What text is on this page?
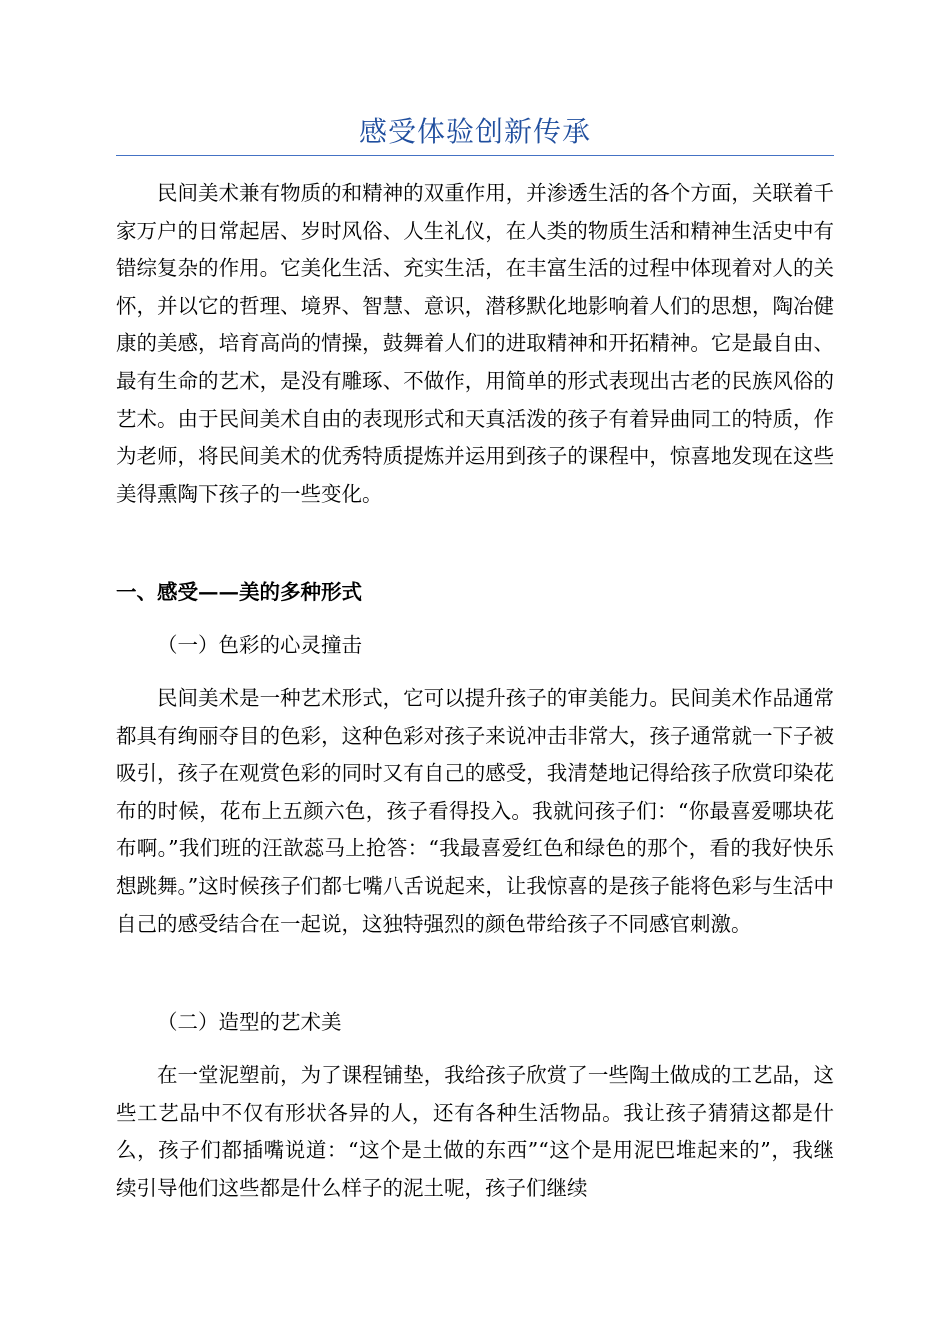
感受体验创新传承

民间美术兼有物质的和精神的双重作用，并渗透生活的各个方面，关联着千家万户的日常起居、岁时风俗、人生礼仪，在人类的物质生活和精神生活史中有错综复杂的作用。它美化生活、充实生活，在丰富生活的过程中体现着对人的关怀，并以它的哲理、境界、智慧、意识，潜移默化地影响着人们的思想，陶冶健康的美感，培育高尚的情操，鼓舞着人们的进取精神和开拓精神。它是最自由、最有生命的艺术，是没有雕琢、不做作，用简单的形式表现出古老的民族风俗的艺术。由于民间美术自由的表现形式和天真活泼的孩子有着异曲同工的特质，作为老师，将民间美术的优秀特质提炼并运用到孩子的课程中，惊喜地发现在这些美得熏陶下孩子的一些变化。

一、感受——美的多种形式

（一）色彩的心灵撞击

民间美术是一种艺术形式，它可以提升孩子的审美能力。民间美术作品通常都具有绚丽夺目的色彩，这种色彩对孩子来说冲击非常大，孩子通常就一下子被吸引，孩子在观赏色彩的同时又有自己的感受，我清楚地记得给孩子欣赏印染花布的时候，花布上五颜六色，孩子看得投入。我就问孩子们：“你最喜爱哪块花布啊。”我们班的汪歆蕊马上抢答：“我最喜爱红色和绿色的那个，看的我好快乐想跳舞。”这时候孩子们都七嘴八舌说起来，让我惊喜的是孩子能将色彩与生活中自己的感受结合在一起说，这独特强烈的颜色带给孩子不同感官刺激。

（二）造型的艺术美

在一堂泥塑前，为了课程铺垫，我给孩子欣赏了一些陶土做成的工艺品，这些工艺品中不仅有形状各异的人，还有各种生活物品。我让孩子猜猜这都是什么，孩子们都插嘴说道：“这个是土做的东西”“这个是用泥巴堆起来的”，我继续引导他们这些都是什么样子的泥土呢，孩子们继续
